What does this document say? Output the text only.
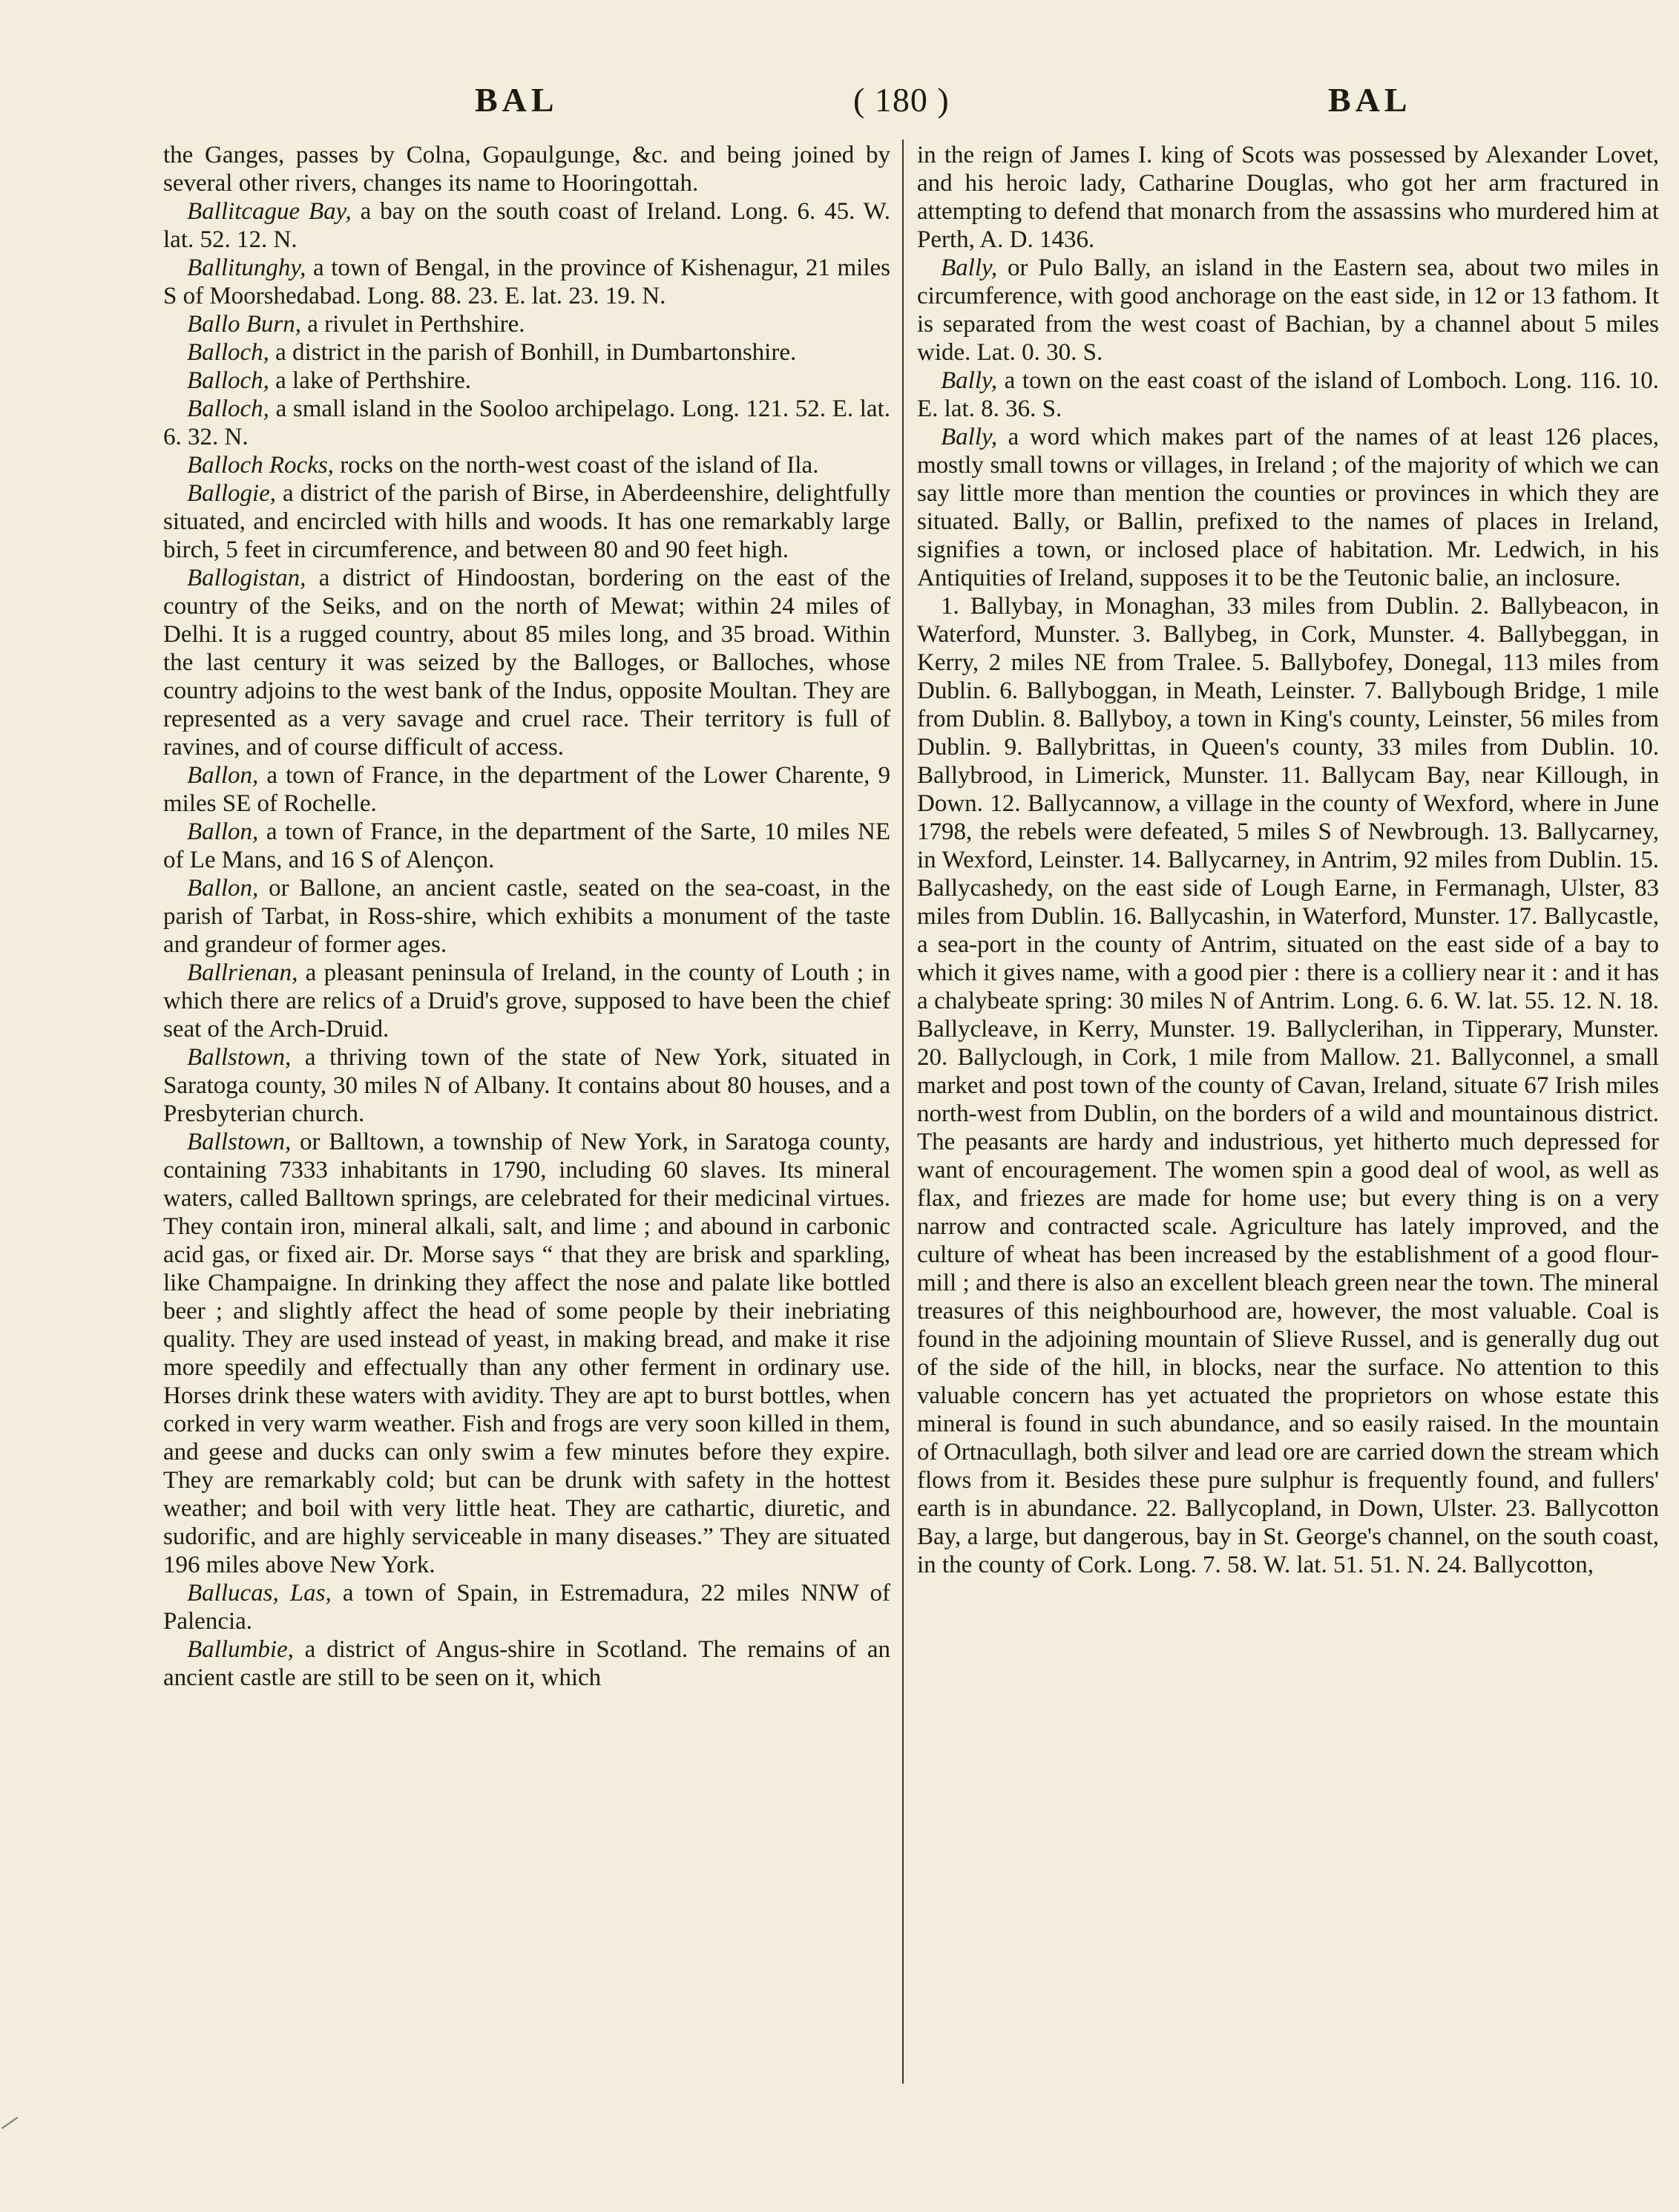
BAL	( 180 )	BAL

the Ganges, passes by Colna, Gopaulgunge, &c. and being joined by several other rivers, changes its name to Hooringottah.

Ballitcague Bay, a bay on the south coast of Ireland. Long. 6. 45. W. lat. 52. 12. N.

Ballitunghy, a town of Bengal, in the province of Kishenagur, 21 miles S of Moorshedabad. Long. 88. 23. E. lat. 23. 19. N.

Ballo Burn, a rivulet in Perthshire.

Balloch, a district in the parish of Bonhill, in Dumbartonshire.

Balloch, a lake of Perthshire.

Balloch, a small island in the Sooloo archipelago. Long. 121. 52. E. lat. 6. 32. N.

Balloch Rocks, rocks on the north-west coast of the island of Ila.

Ballogie, a district of the parish of Birse, in Aberdeenshire, delightfully situated, and encircled with hills and woods. It has one remarkably large birch, 5 feet in circumference, and between 80 and 90 feet high.

Ballogistan, a district of Hindoostan, bordering on the east of the country of the Seiks, and on the north of Mewat; within 24 miles of Delhi. It is a rugged country, about 85 miles long, and 35 broad. Within the last century it was seized by the Balloges, or Balloches, whose country adjoins to the west bank of the Indus, opposite Moultan. They are represented as a very savage and cruel race. Their territory is full of ravines, and of course difficult of access.

Ballon, a town of France, in the department of the Lower Charente, 9 miles SE of Rochelle.

Ballon, a town of France, in the department of the Sarte, 10 miles NE of Le Mans, and 16 S of Alençon.

Ballon, or Ballone, an ancient castle, seated on the sea-coast, in the parish of Tarbat, in Ross-shire, which exhibits a monument of the taste and grandeur of former ages.

Ballrienan, a pleasant peninsula of Ireland, in the county of Louth ; in which there are relics of a Druid's grove, supposed to have been the chief seat of the Arch-Druid.

Ballstown, a thriving town of the state of New York, situated in Saratoga county, 30 miles N of Albany. It contains about 80 houses, and a Presbyterian church.

Ballstown, or Balltown, a township of New York, in Saratoga county, containing 7333 inhabitants in 1790, including 60 slaves. Its mineral waters, called Balltown springs, are celebrated for their medicinal virtues. They contain iron, mineral alkali, salt, and lime ; and abound in carbonic acid gas, or fixed air. Dr. Morse says “ that they are brisk and sparkling, like Champaigne. In drinking they affect the nose and palate like bottled beer ; and slightly affect the head of some people by their inebriating quality. They are used instead of yeast, in making bread, and make it rise more speedily and effectually than any other ferment in ordinary use. Horses drink these waters with avidity. They are apt to burst bottles, when corked in very warm weather. Fish and frogs are very soon killed in them, and geese and ducks can only swim a few minutes before they expire. They are remarkably cold; but can be drunk with safety in the hottest weather; and boil with very little heat. They are cathartic, diuretic, and sudorific, and are highly serviceable in many diseases.” They are situated 196 miles above New York.

Ballucas, Las, a town of Spain, in Estremadura, 22 miles NNW of Palencia.

Ballumbie, a district of Angus-shire in Scotland. The remains of an ancient castle are still to be seen on it, which

in the reign of James I. king of Scots was possessed by Alexander Lovet, and his heroic lady, Catharine Douglas, who got her arm fractured in attempting to defend that monarch from the assassins who murdered him at Perth, A. D. 1436.

Bally, or Pulo Bally, an island in the Eastern sea, about two miles in circumference, with good anchorage on the east side, in 12 or 13 fathom. It is separated from the west coast of Bachian, by a channel about 5 miles wide. Lat. 0. 30. S.

Bally, a town on the east coast of the island of Lomboch. Long. 116. 10. E. lat. 8. 36. S.

Bally, a word which makes part of the names of at least 126 places, mostly small towns or villages, in Ireland ; of the majority of which we can say little more than mention the counties or provinces in which they are situated. Bally, or Ballin, prefixed to the names of places in Ireland, signifies a town, or inclosed place of habitation. Mr. Ledwich, in his Antiquities of Ireland, supposes it to be the Teutonic balie, an inclosure.

1. Ballybay, in Monaghan, 33 miles from Dublin. 2. Ballybeacon, in Waterford, Munster. 3. Ballybeg, in Cork, Munster. 4. Ballybeggan, in Kerry, 2 miles NE from Tralee. 5. Ballybofey, Donegal, 113 miles from Dublin. 6. Ballyboggan, in Meath, Leinster. 7. Ballybough Bridge, 1 mile from Dublin. 8. Ballyboy, a town in King's county, Leinster, 56 miles from Dublin. 9. Ballybrittas, in Queen's county, 33 miles from Dublin. 10. Ballybrood, in Limerick, Munster. 11. Ballycam Bay, near Killough, in Down. 12. Ballycannow, a village in the county of Wexford, where in June 1798, the rebels were defeated, 5 miles S of Newbrough. 13. Ballycarney, in Wexford, Leinster. 14. Ballycarney, in Antrim, 92 miles from Dublin. 15. Ballycashedy, on the east side of Lough Earne, in Fermanagh, Ulster, 83 miles from Dublin. 16. Ballycashin, in Waterford, Munster. 17. Ballycastle, a sea-port in the county of Antrim, situated on the east side of a bay to which it gives name, with a good pier : there is a colliery near it : and it has a chalybeate spring: 30 miles N of Antrim. Long. 6. 6. W. lat. 55. 12. N. 18. Ballycleave, in Kerry, Munster. 19. Ballyclerihan, in Tipperary, Munster. 20. Ballyclough, in Cork, 1 mile from Mallow. 21. Ballyconnel, a small market and post town of the county of Cavan, Ireland, situate 67 Irish miles north-west from Dublin, on the borders of a wild and mountainous district. The peasants are hardy and industrious, yet hitherto much depressed for want of encouragement. The women spin a good deal of wool, as well as flax, and friezes are made for home use; but every thing is on a very narrow and contracted scale. Agriculture has lately improved, and the culture of wheat has been increased by the establishment of a good flour-mill ; and there is also an excellent bleach green near the town. The mineral treasures of this neighbourhood are, however, the most valuable. Coal is found in the adjoining mountain of Slieve Russel, and is generally dug out of the side of the hill, in blocks, near the surface. No attention to this valuable concern has yet actuated the proprietors on whose estate this mineral is found in such abundance, and so easily raised. In the mountain of Ortnacullagh, both silver and lead ore are carried down the stream which flows from it. Besides these pure sulphur is frequently found, and fullers' earth is in abundance. 22. Ballycopland, in Down, Ulster. 23. Ballycotton Bay, a large, but dangerous, bay in St. George's channel, on the south coast, in the county of Cork. Long. 7. 58. W. lat. 51. 51. N. 24. Ballycotton,
